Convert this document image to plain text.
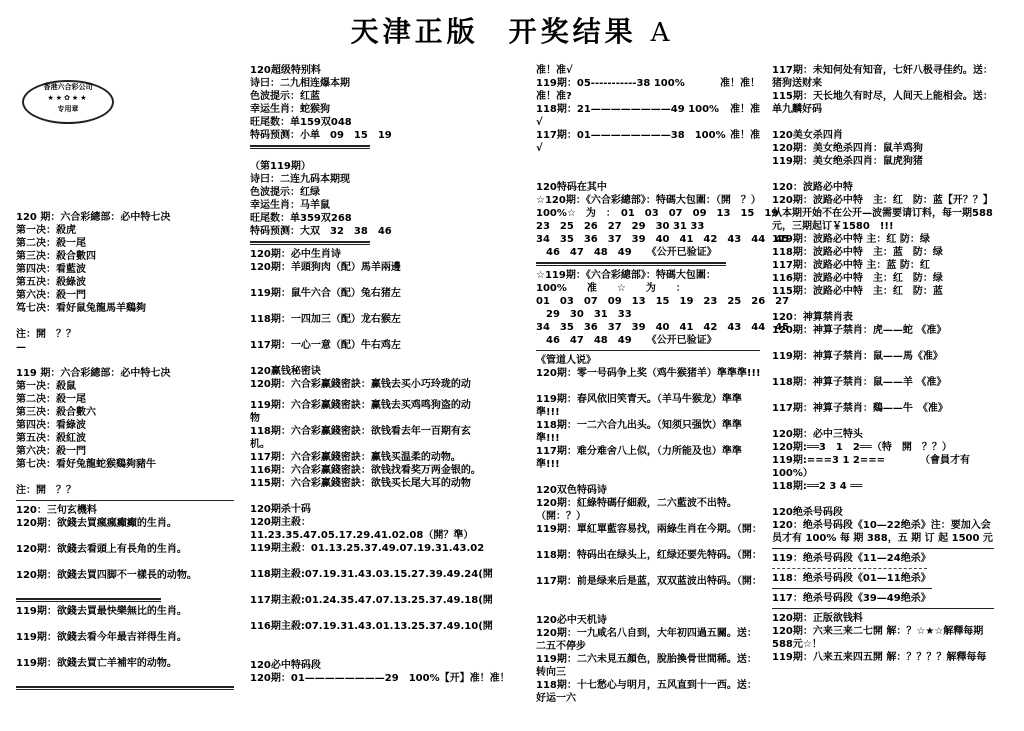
天津正版 开奖结果 A
香港六合彩公司
★★✿★★
专用章
120 期：六合彩總部：必中特七决
第一决：殺虎
第二决：殺一尾
第三决：殺合數四
第四决：看藍波
第五决：殺綠波
第六决：殺一門
笃七决：看好鼠兔龍馬羊鷄夠
注：開　？？
—
119 期：六合彩總部：必中特七决
第一决：殺鼠
第二决：殺一尾
第三决：殺合數六
第四决：看綠波
第五决：殺紅波
第六决：殺一門
第七决：看好兔龍蛇猴鷄夠豬牛
注：開　？？
120：三句玄機料
120期：欲錢去買瘋瘋癲癲的生肖。
120期：欲錢去看頭上有長角的生肖。
120期：欲錢去買四脚不一樣長的动物。
119期：欲錢去買最快樂無比的生肖。
119期：欲錢去看今年最吉祥得生肖。
119期：欲錢去買亡羊補牢的动物。
120超级特别料
诗曰：二九相连爆本期
色波提示：红蓝
幸运生肖：蛇猴狗
旺尾数：单159双048
特码预测：小单　09　15　19
（第119期）
诗曰：二连九码本期现
色波提示：红绿
幸运生肖：马羊鼠
旺尾数：单359双268
特码预测：大双　32　38　46
120期：必中生肖诗
120期：羊頭狗肉（配）馬羊兩邊
119期：鼠牛六合（配）兔右猪左
118期：一四加三（配）龙右猴左
117期：一心一意（配）牛右鸡左
120赢钱秘密诀
120期：六合彩赢錢密訣：赢钱去买小巧玲珑的动
119期：六合彩赢錢密訣：赢钱去买鸡鸣狗盗的动物
118期：六合彩赢錢密訣：欲钱看去年一百期有玄机。
117期：六合彩赢錢密訣：赢钱买温柔的动物。
116期：六合彩赢錢密訣：欲钱找看奖万两金银的。
115期：六合彩赢錢密訣：欲钱买长尾大耳的动物
120期杀十码
120期主殺：11.23.35.47.05.17.29.41.02.08（開？準）
119期主殺：01.13.25.37.49.07.19.31.43.02
118期主殺:07.19.31.43.03.15.27.39.49.24(開
117期主殺:01.24.35.47.07.13.25.37.49.18(開
116期主殺:07.19.31.43.01.13.25.37.49.10(開
120必中特码段
120期：01————————29　100%【开】准！准！
准！准√
119期：05-----------38 100%	准！准！
准！准?
118期：21————————49 100% 准！准
√
117期：01————————38　100% 准！准
√
120特码在其中
☆120期：《六合彩總部》：特碼大包圍：（開　？）
100%☆　为　：　01　03　07　09　13　15　19
23　25　26　27　29　30 31 33
34　35　36　37　39　40　41　42　43　44　45
　46　47　48　49　　《公开已验证》
☆119期：《六合彩總部》：特碼大包圍：
100%　　准　　☆　　为　　：
01　03　07　09　13　15　19　23　25　26　27
　29　30　31　33
34　35　36　37　39　40　41　42　43　44　45
　46　47　48　49　　《公开已验证》
《管道人说》
120期：零一号码争上奖（鸡牛猴猪羊）準準準!!!
119期：春风依旧笑青天。（羊马牛猴龙）準準準!!!
118期：一二六合九出头。（知须只强饮）準準準!!!
117期：难分难舍八上似，（力所能及也）準準準!!!
120双色特码诗
120期：紅綠特碼仔細殺，二六藍波不出特。（開：？）
119期：單紅單藍容易找，兩綠生肖在今期。（開：
118期：特码出在绿头上，红绿还要先特码。（開：
117期：前是绿来后是蓝，双双蓝波出特码。（開：
120必中天机诗
120期：一九咸名八自到，大年初四過五關。送：二五不停步
119期：二六未見五顏色，脫胎換骨世間稀。送：转向三
118期：十七愁心与明月，五风直到十一西。送：好运一六
117期：未知何处有知音，七奸八极寻佳约。送：猪狗送财来
115期：天长地久有时尽，人间天上能相会。送：单九麟好码
120美女杀四肖
120期：美女绝杀四肖：鼠羊鸡狗
119期：美女绝杀四肖：鼠虎狗猪
120：波路必中特
120期：波路必中特　主：红　防：蓝【开？？】
从本期开始不在公开—波需要请订料，每一期588元，三期起订￥1580　!!!
119期：波路必中特 主：红 防：绿
118期：波路必中特　主：蓝　防：绿
117期：波路必中特 主：蓝 防：红
116期：波路必中特　主：红　防：绿
115期：波路必中特　主：红　防：蓝
120：神算禁肖表
120期：神算子禁肖：虎——蛇 《准》
119期：神算子禁肖：鼠——馬《准》
118期：神算子禁肖：鼠——羊 《准》
117期：神算子禁肖：鷄——牛　《准》
120期：必中三特头
120期:══3　1　2══（特　開　？？）
119期:===3 1 2===　　　　（會員才有100%）
118期:══2 3 4 ══
120绝杀号码段
120：绝杀号码段《10—22绝杀》注：要加入会员才有 100% 每 期 388，五 期 订 起 1500 元
119：绝杀号码段《11—24绝杀》
118：绝杀号码段《01—11绝杀》
117：绝杀号码段《39—49绝杀》
120期：正版欲钱料
120期：六来三来二七開 解：？☆★☆解釋每期588元☆！
119期：八来五来四五開 解：？？？？解釋每每
